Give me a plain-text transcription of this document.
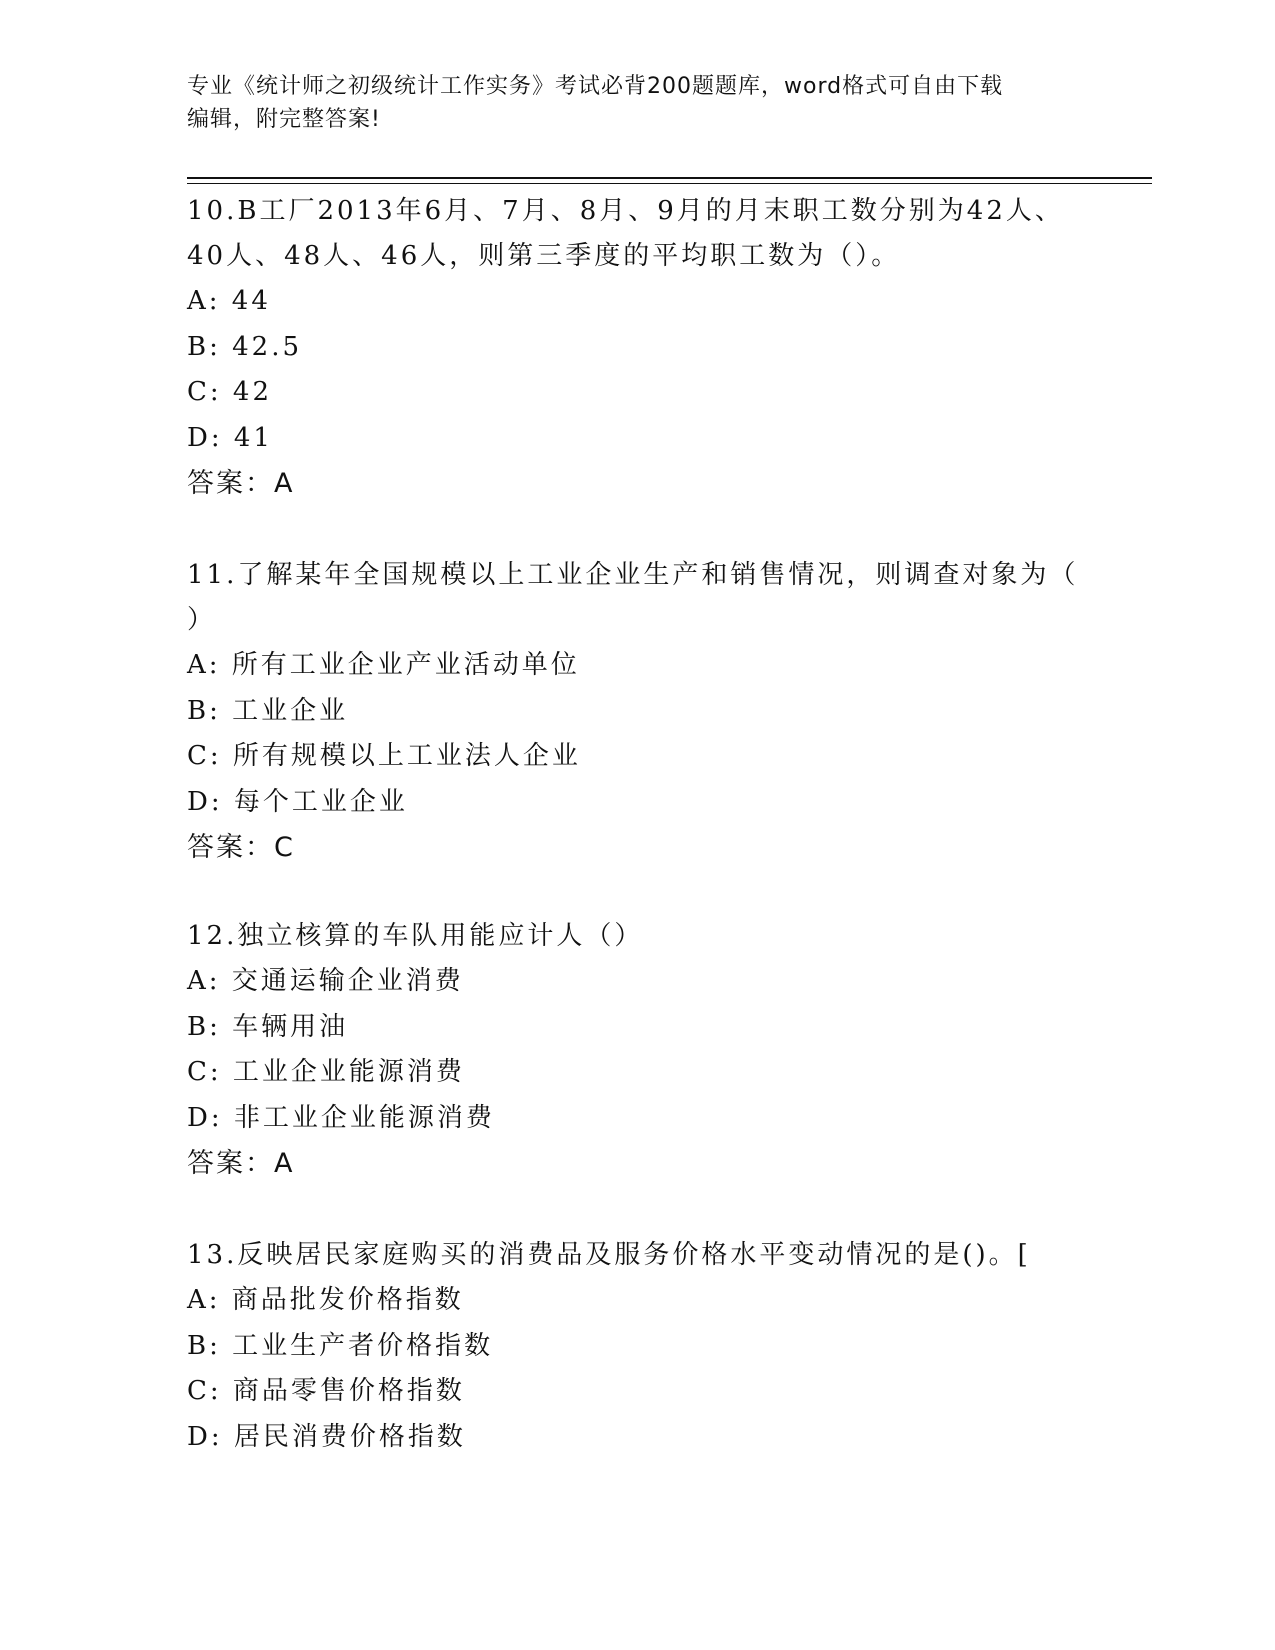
专业《统计师之初级统计工作实务》考试必背200题题库，word格式可自由下载
编辑，附完整答案!
10.B工厂2013年6月、7月、8月、9月的月末职工数分别为42人、
40人、48人、46人，则第三季度的平均职工数为（）。
A: 44
B: 42.5
C: 42
D: 41
答案：A
11.了解某年全国规模以上工业企业生产和销售情况，则调查对象为（
）
A: 所有工业企业产业活动单位
B: 工业企业
C: 所有规模以上工业法人企业
D: 每个工业企业
答案：C
12.独立核算的车队用能应计人（）
A: 交通运输企业消费
B: 车辆用油
C: 工业企业能源消费
D: 非工业企业能源消费
答案：A
13.反映居民家庭购买的消费品及服务价格水平变动情况的是()。[
A: 商品批发价格指数
B: 工业生产者价格指数
C: 商品零售价格指数
D: 居民消费价格指数
